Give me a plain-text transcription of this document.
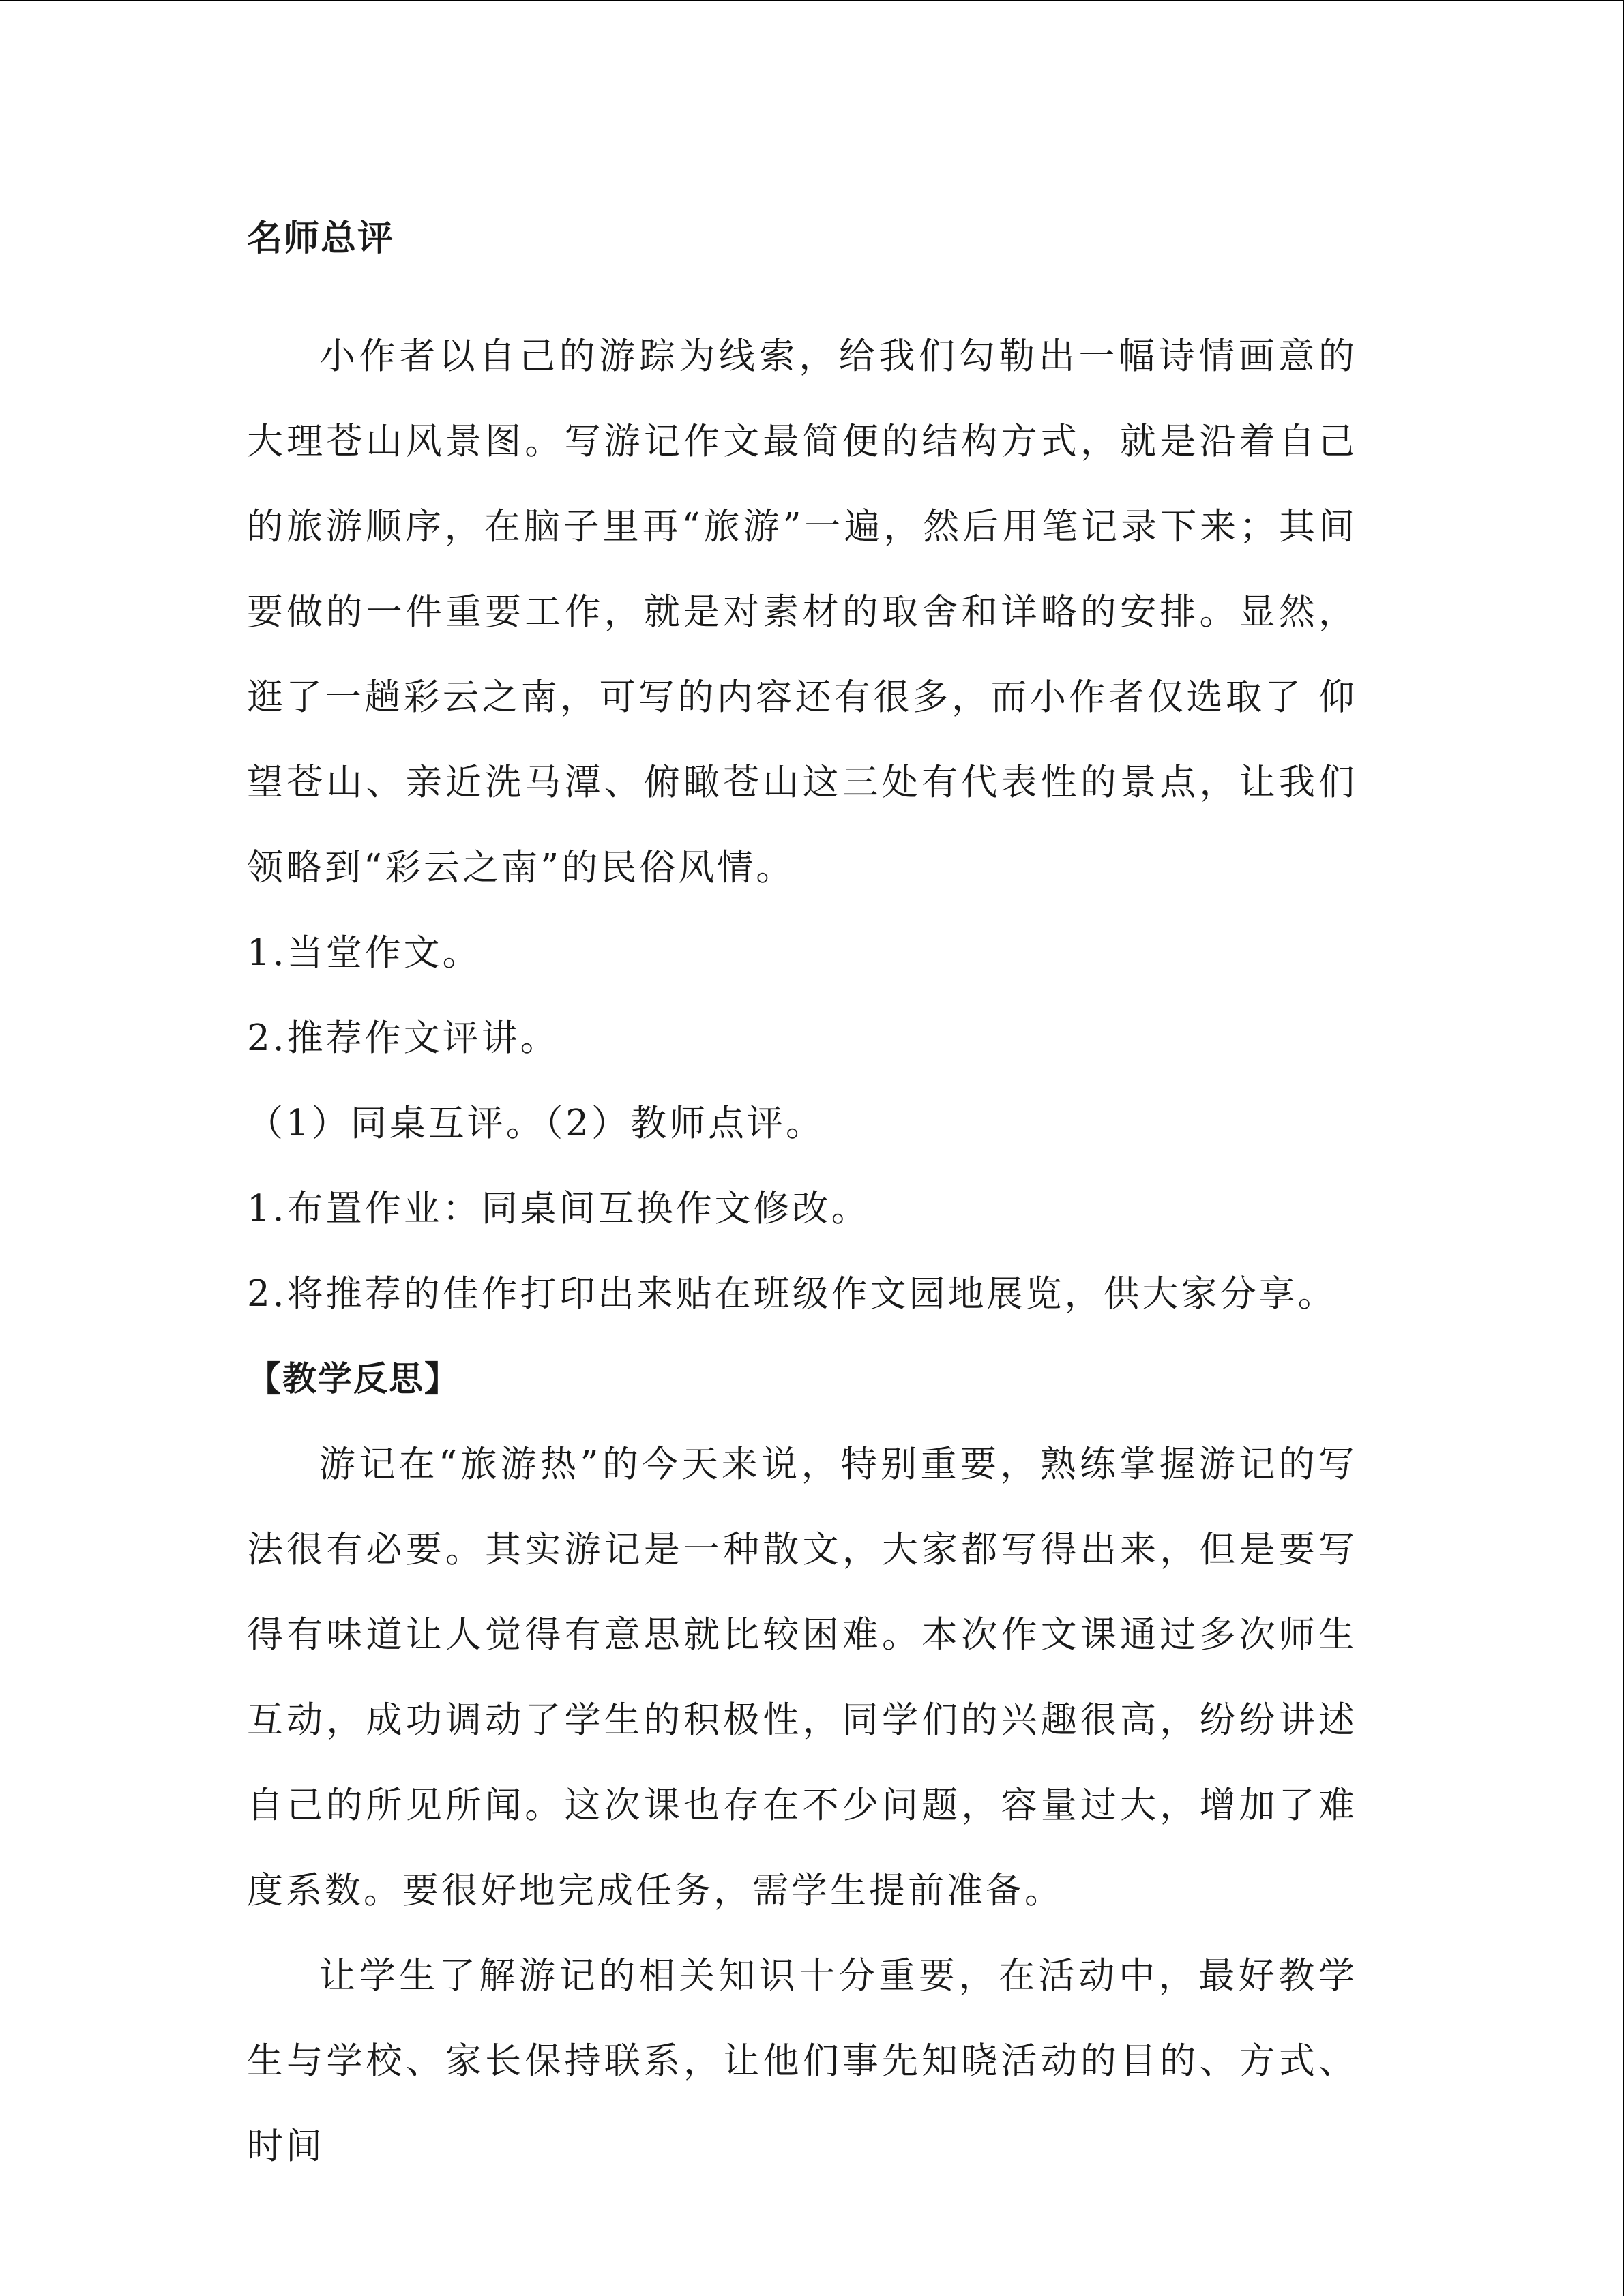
名师总评

小作者以自己的游踪为线索，给我们勾勒出一幅诗情画意的大理苍山风景图。写游记作文最简便的结构方式，就是沿着自己的旅游顺序，在脑子里再“旅游”一遍，然后用笔记录下来；其间要做的一件重要工作，就是对素材的取舍和详略的安排。显然，逛了一趟彩云之南，可写的内容还有很多，而小作者仅选取了 仰望苍山、亲近洗马潭、俯瞰苍山这三处有代表性的景点，让我们领略到“彩云之南”的民俗风情。

1.当堂作文。

2.推荐作文评讲。

（1）同桌互评。（2）教师点评。

1.布置作业：同桌间互换作文修改。

2.将推荐的佳作打印出来贴在班级作文园地展览，供大家分享。

【教学反思】

游记在“旅游热”的今天来说，特别重要，熟练掌握游记的写法很有必要。其实游记是一种散文，大家都写得出来，但是要写得有味道让人觉得有意思就比较困难。本次作文课通过多次师生互动，成功调动了学生的积极性，同学们的兴趣很高，纷纷讲述自己的所见所闻。这次课也存在不少问题，容量过大，增加了难度系数。要很好地完成任务，需学生提前准备。

让学生了解游记的相关知识十分重要，在活动中，最好教学生与学校、家长保持联系，让他们事先知晓活动的目的、方式、时间
